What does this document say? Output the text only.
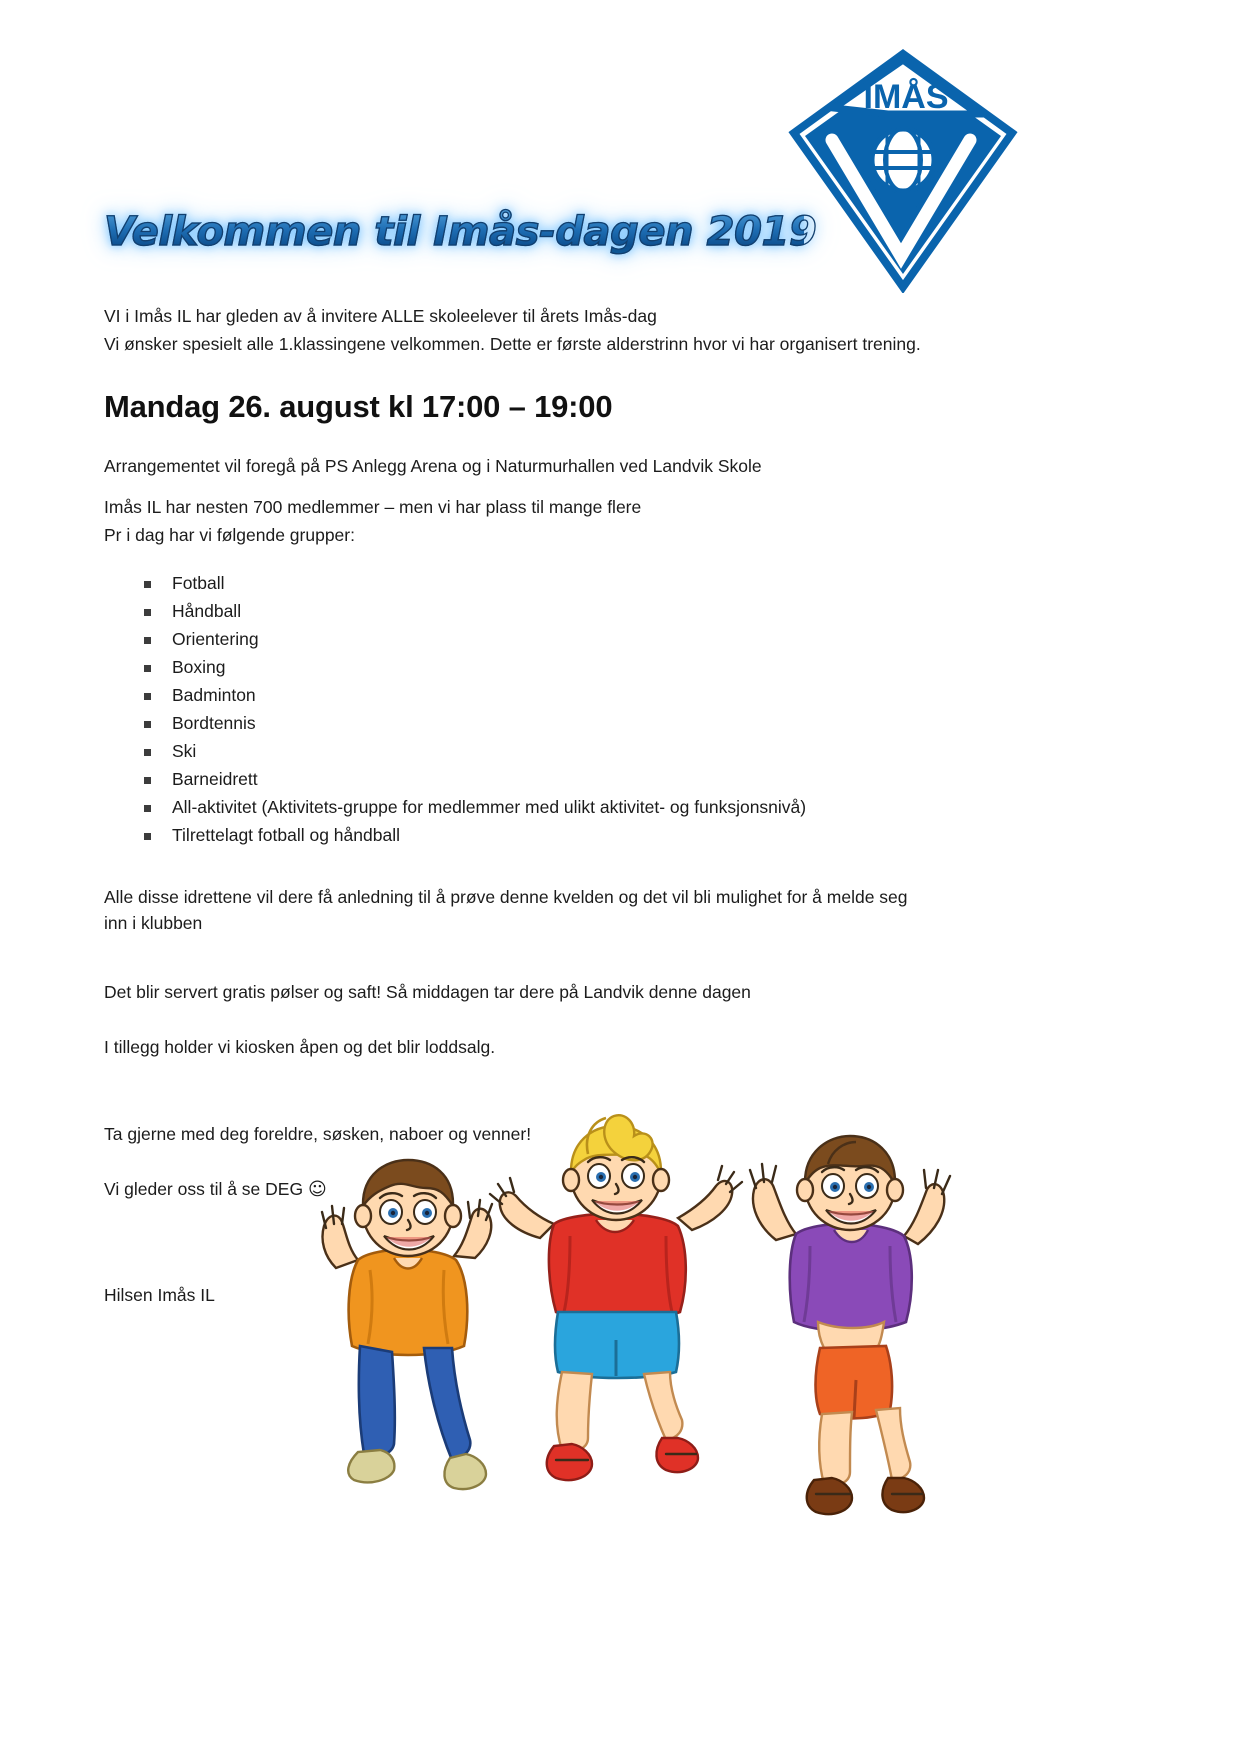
IMÅS
Velkommen til Imås-dagen 2019

VI i Imås IL har gleden av å invitere ALLE skoleelever til årets Imås-dag

Vi ønsker spesielt alle 1.klassingene velkommen. Dette er første alderstrinn hvor vi har organisert trening.

Mandag 26. august kl 17:00 – 19:00

Arrangementet vil foregå på PS Anlegg Arena og i Naturmurhallen ved Landvik Skole

Imås IL har nesten 700 medlemmer – men vi har plass til mange flere

Pr i dag har vi følgende grupper:

Fotball
Håndball
Orientering
Boxing
Badminton
Bordtennis
Ski
Barneidrett
All-aktivitet (Aktivitets-gruppe for medlemmer med ulikt aktivitet- og funksjonsnivå)
Tilrettelagt fotball og håndball

Alle disse idrettene vil dere få anledning til å prøve denne kvelden og det vil bli mulighet for å melde seg inn i klubben

Det blir servert gratis pølser og saft! Så middagen tar dere på Landvik denne dagen

I tillegg holder vi kiosken åpen og det blir loddsalg.

Ta gjerne med deg foreldre, søsken, naboer og venner!

Vi gleder oss til å se DEG ☺

Hilsen Imås IL
